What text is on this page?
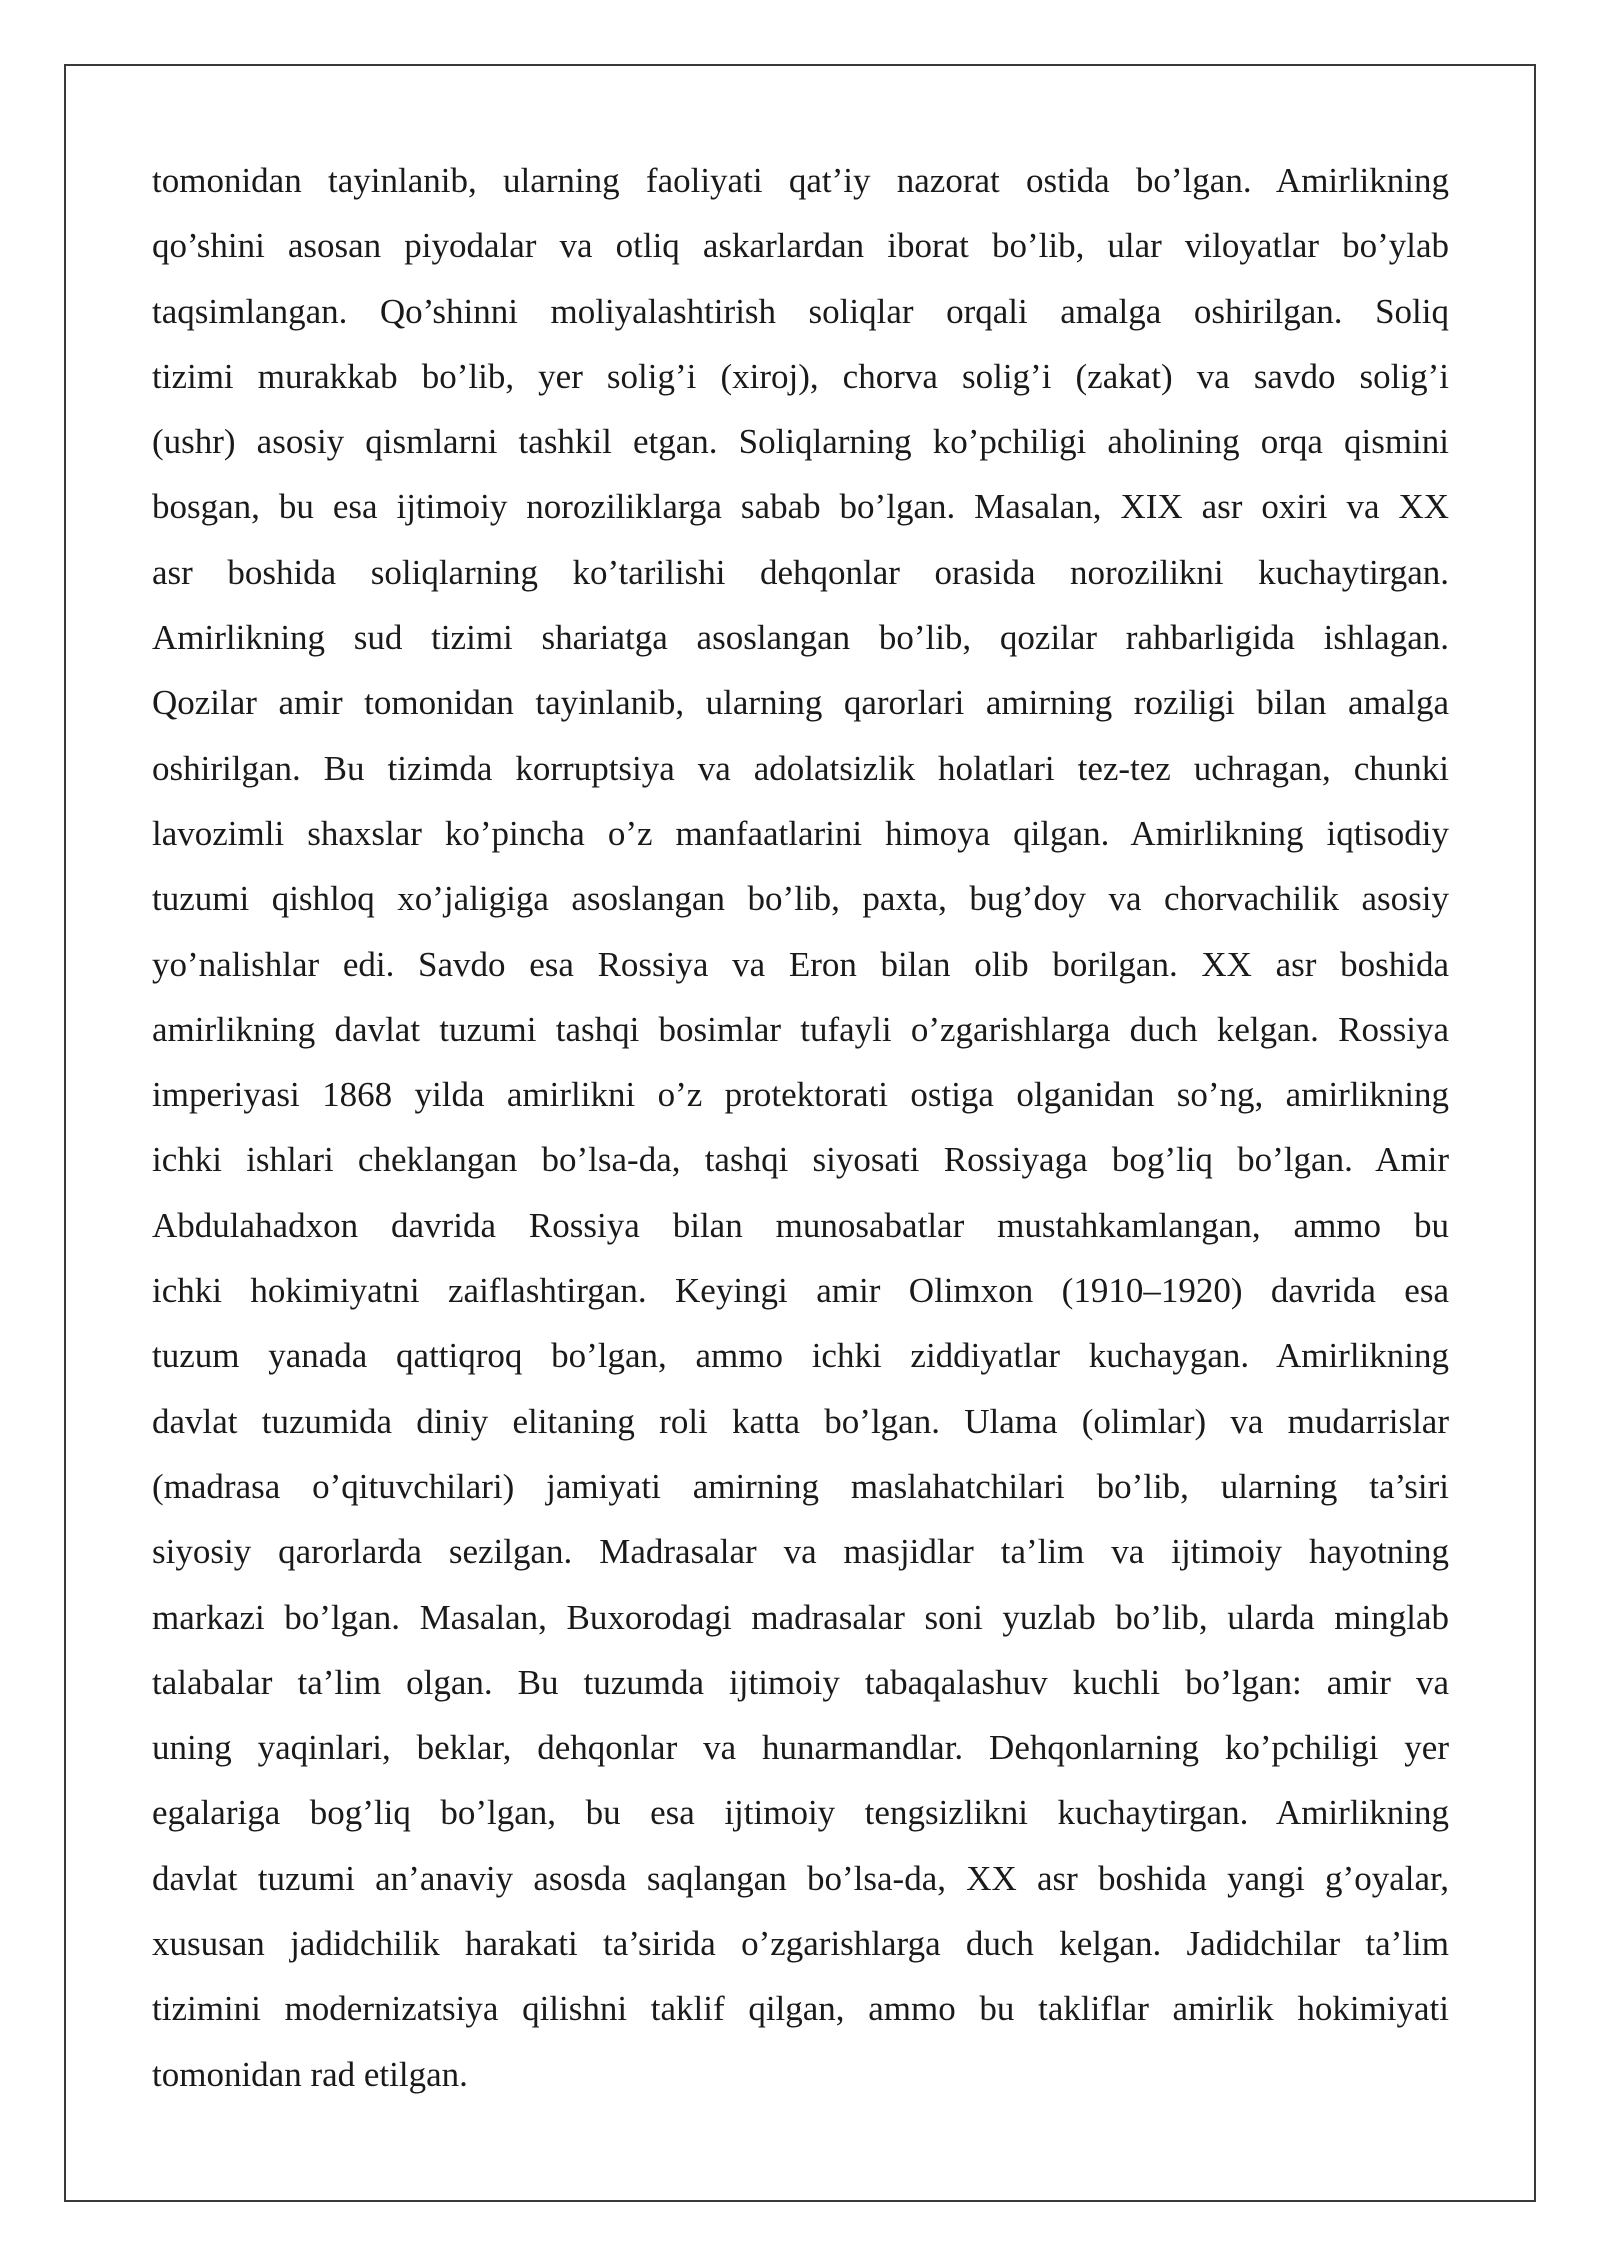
tomonidan tayinlanib, ularning faoliyati qat’iy nazorat ostida bo’lgan. Amirlikning
qo’shini asosan piyodalar va otliq askarlardan iborat bo’lib, ular viloyatlar bo’ylab
taqsimlangan. Qo’shinni moliyalashtirish soliqlar orqali amalga oshirilgan. Soliq
tizimi murakkab bo’lib, yer solig’i (xiroj), chorva solig’i (zakat) va savdo solig’i
(ushr) asosiy qismlarni tashkil etgan. Soliqlarning ko’pchiligi aholining orqa qismini
bosgan, bu esa ijtimoiy noroziliklarga sabab bo’lgan. Masalan, XIX asr oxiri va XX
asr boshida soliqlarning ko’tarilishi dehqonlar orasida norozilikni kuchaytirgan.
Amirlikning sud tizimi shariatga asoslangan bo’lib, qozilar rahbarligida ishlagan.
Qozilar amir tomonidan tayinlanib, ularning qarorlari amirning roziligi bilan amalga
oshirilgan. Bu tizimda korruptsiya va adolatsizlik holatlari tez-tez uchragan, chunki
lavozimli shaxslar ko’pincha o’z manfaatlarini himoya qilgan. Amirlikning iqtisodiy
tuzumi qishloq xo’jaligiga asoslangan bo’lib, paxta, bug’doy va chorvachilik asosiy
yo’nalishlar edi. Savdo esa Rossiya va Eron bilan olib borilgan. XX asr boshida
amirlikning davlat tuzumi tashqi bosimlar tufayli o’zgarishlarga duch kelgan. Rossiya
imperiyasi 1868 yilda amirlikni o’z protektorati ostiga olganidan so’ng, amirlikning
ichki ishlari cheklangan bo’lsa-da, tashqi siyosati Rossiyaga bog’liq bo’lgan. Amir
Abdulahadxon davrida Rossiya bilan munosabatlar mustahkamlangan, ammo bu
ichki hokimiyatni zaiflashtirgan. Keyingi amir Olimxon (1910–1920) davrida esa
tuzum yanada qattiqroq bo’lgan, ammo ichki ziddiyatlar kuchaygan. Amirlikning
davlat tuzumida diniy elitaning roli katta bo’lgan. Ulama (olimlar) va mudarrislar
(madrasa o’qituvchilari) jamiyati amirning maslahatchilari bo’lib, ularning ta’siri
siyosiy qarorlarda sezilgan. Madrasalar va masjidlar ta’lim va ijtimoiy hayotning
markazi bo’lgan. Masalan, Buxorodagi madrasalar soni yuzlab bo’lib, ularda minglab
talabalar ta’lim olgan. Bu tuzumda ijtimoiy tabaqalashuv kuchli bo’lgan: amir va
uning yaqinlari, beklar, dehqonlar va hunarmandlar. Dehqonlarning ko’pchiligi yer
egalariga bog’liq bo’lgan, bu esa ijtimoiy tengsizlikni kuchaytirgan. Amirlikning
davlat tuzumi an’anaviy asosda saqlangan bo’lsa-da, XX asr boshida yangi g’oyalar,
xususan jadidchilik harakati ta’sirida o’zgarishlarga duch kelgan. Jadidchilar ta’lim
tizimini modernizatsiya qilishni taklif qilgan, ammo bu takliflar amirlik hokimiyati
tomonidan rad etilgan.
